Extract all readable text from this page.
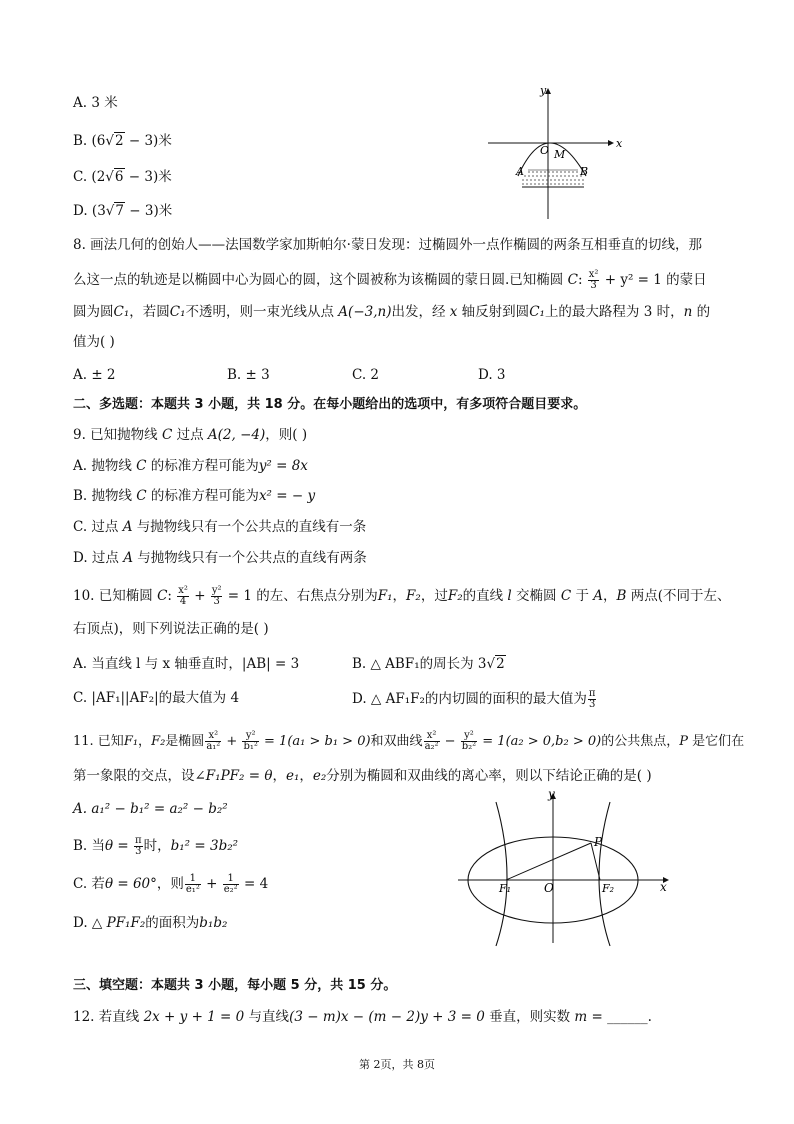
A. 3 米
B. (6√2 − 3)米
C. (2√6 − 3)米
D. (3√7 − 3)米
y
x
O M
A	B
8. 画法几何的创始人——法国数学家加斯帕尔·蒙日发现：过椭圆外一点作椭圆的两条互相垂直的切线，那
么这一点的轨迹是以椭圆中心为圆心的圆，这个圆被称为该椭圆的蒙日圆.已知椭圆 C: $\frac{\text{x²}}{3} + y^2 = 1$ 的蒙日
圆为圆C₁，若圆C₁不透明，则一束光线从点 A(−3,n)出发，经 x 轴反射到圆C₁上的最大路程为 3 时，n 的
值为( )
A. ± 2	B. ± 3	C. 2	D. 3
二、多选题：本题共 3 小题，共 18 分。在每小题给出的选项中，有多项符合题目要求。
9. 已知抛物线 C 过点 A(2, −4)，则( )
A. 抛物线 C 的标准方程可能为y² = 8x
B. 抛物线 C 的标准方程可能为x² = − y
C. 过点 A 与抛物线只有一个公共点的直线有一条
D. 过点 A 与抛物线只有一个公共点的直线有两条
10. 已知椭圆 C: $\frac{\text{x²}}{4} + \frac{\text{y²}}{3} = 1$ 的左、右焦点分别为F₁，F₂，过F₂的直线 l 交椭圆 C 于 A，B 两点(不同于左、
右顶点)，则下列说法正确的是( )
A. 当直线 l 与 x 轴垂直时，|AB| = 3	B. △ ABF₁的周长为 3√2
C. |AF₁||AF₂|的最大值为 4	D. △ AF₁F₂的内切圆的面积的最大值为 $\frac{\pi}{3}$
11. 已知F₁，F₂是椭圆 $\frac{\text{x²}}{\text{a₁²}} + \frac{\text{y²}}{\text{b₁²}} = 1(a_1 > b_1 > 0)$和双曲线 $\frac{\text{x²}}{\text{a₂²}} - \frac{\text{y²}}{\text{b₂²}} = 1(a_2 > 0,b_2 > 0)$的公共焦点，P 是它们在
第一象限的交点，设∠F₁PF₂ = θ，e₁，e₂分别为椭圆和双曲线的离心率，则以下结论正确的是( )
A. a₁² − b₁² = a₂² − b₂²
B. 当$\theta = \frac{\pi}{3}$ 时，b₁² = 3b₂²
C. 若θ = 60°，则 $\frac{1}{\text{e₁²}} + \frac{1}{\text{e₂²}} = 4$
D. △ PF₁F₂的面积为b₁b₂
y
x
O
P
F₁	F₂
三、填空题：本题共 3 小题，每小题 5 分，共 15 分。
12. 若直线 2x + y + 1 = 0 与直线(3 − m)x − (m − 2)y + 3 = 0 垂直，则实数 m = ______.
第 2页，共 8页
